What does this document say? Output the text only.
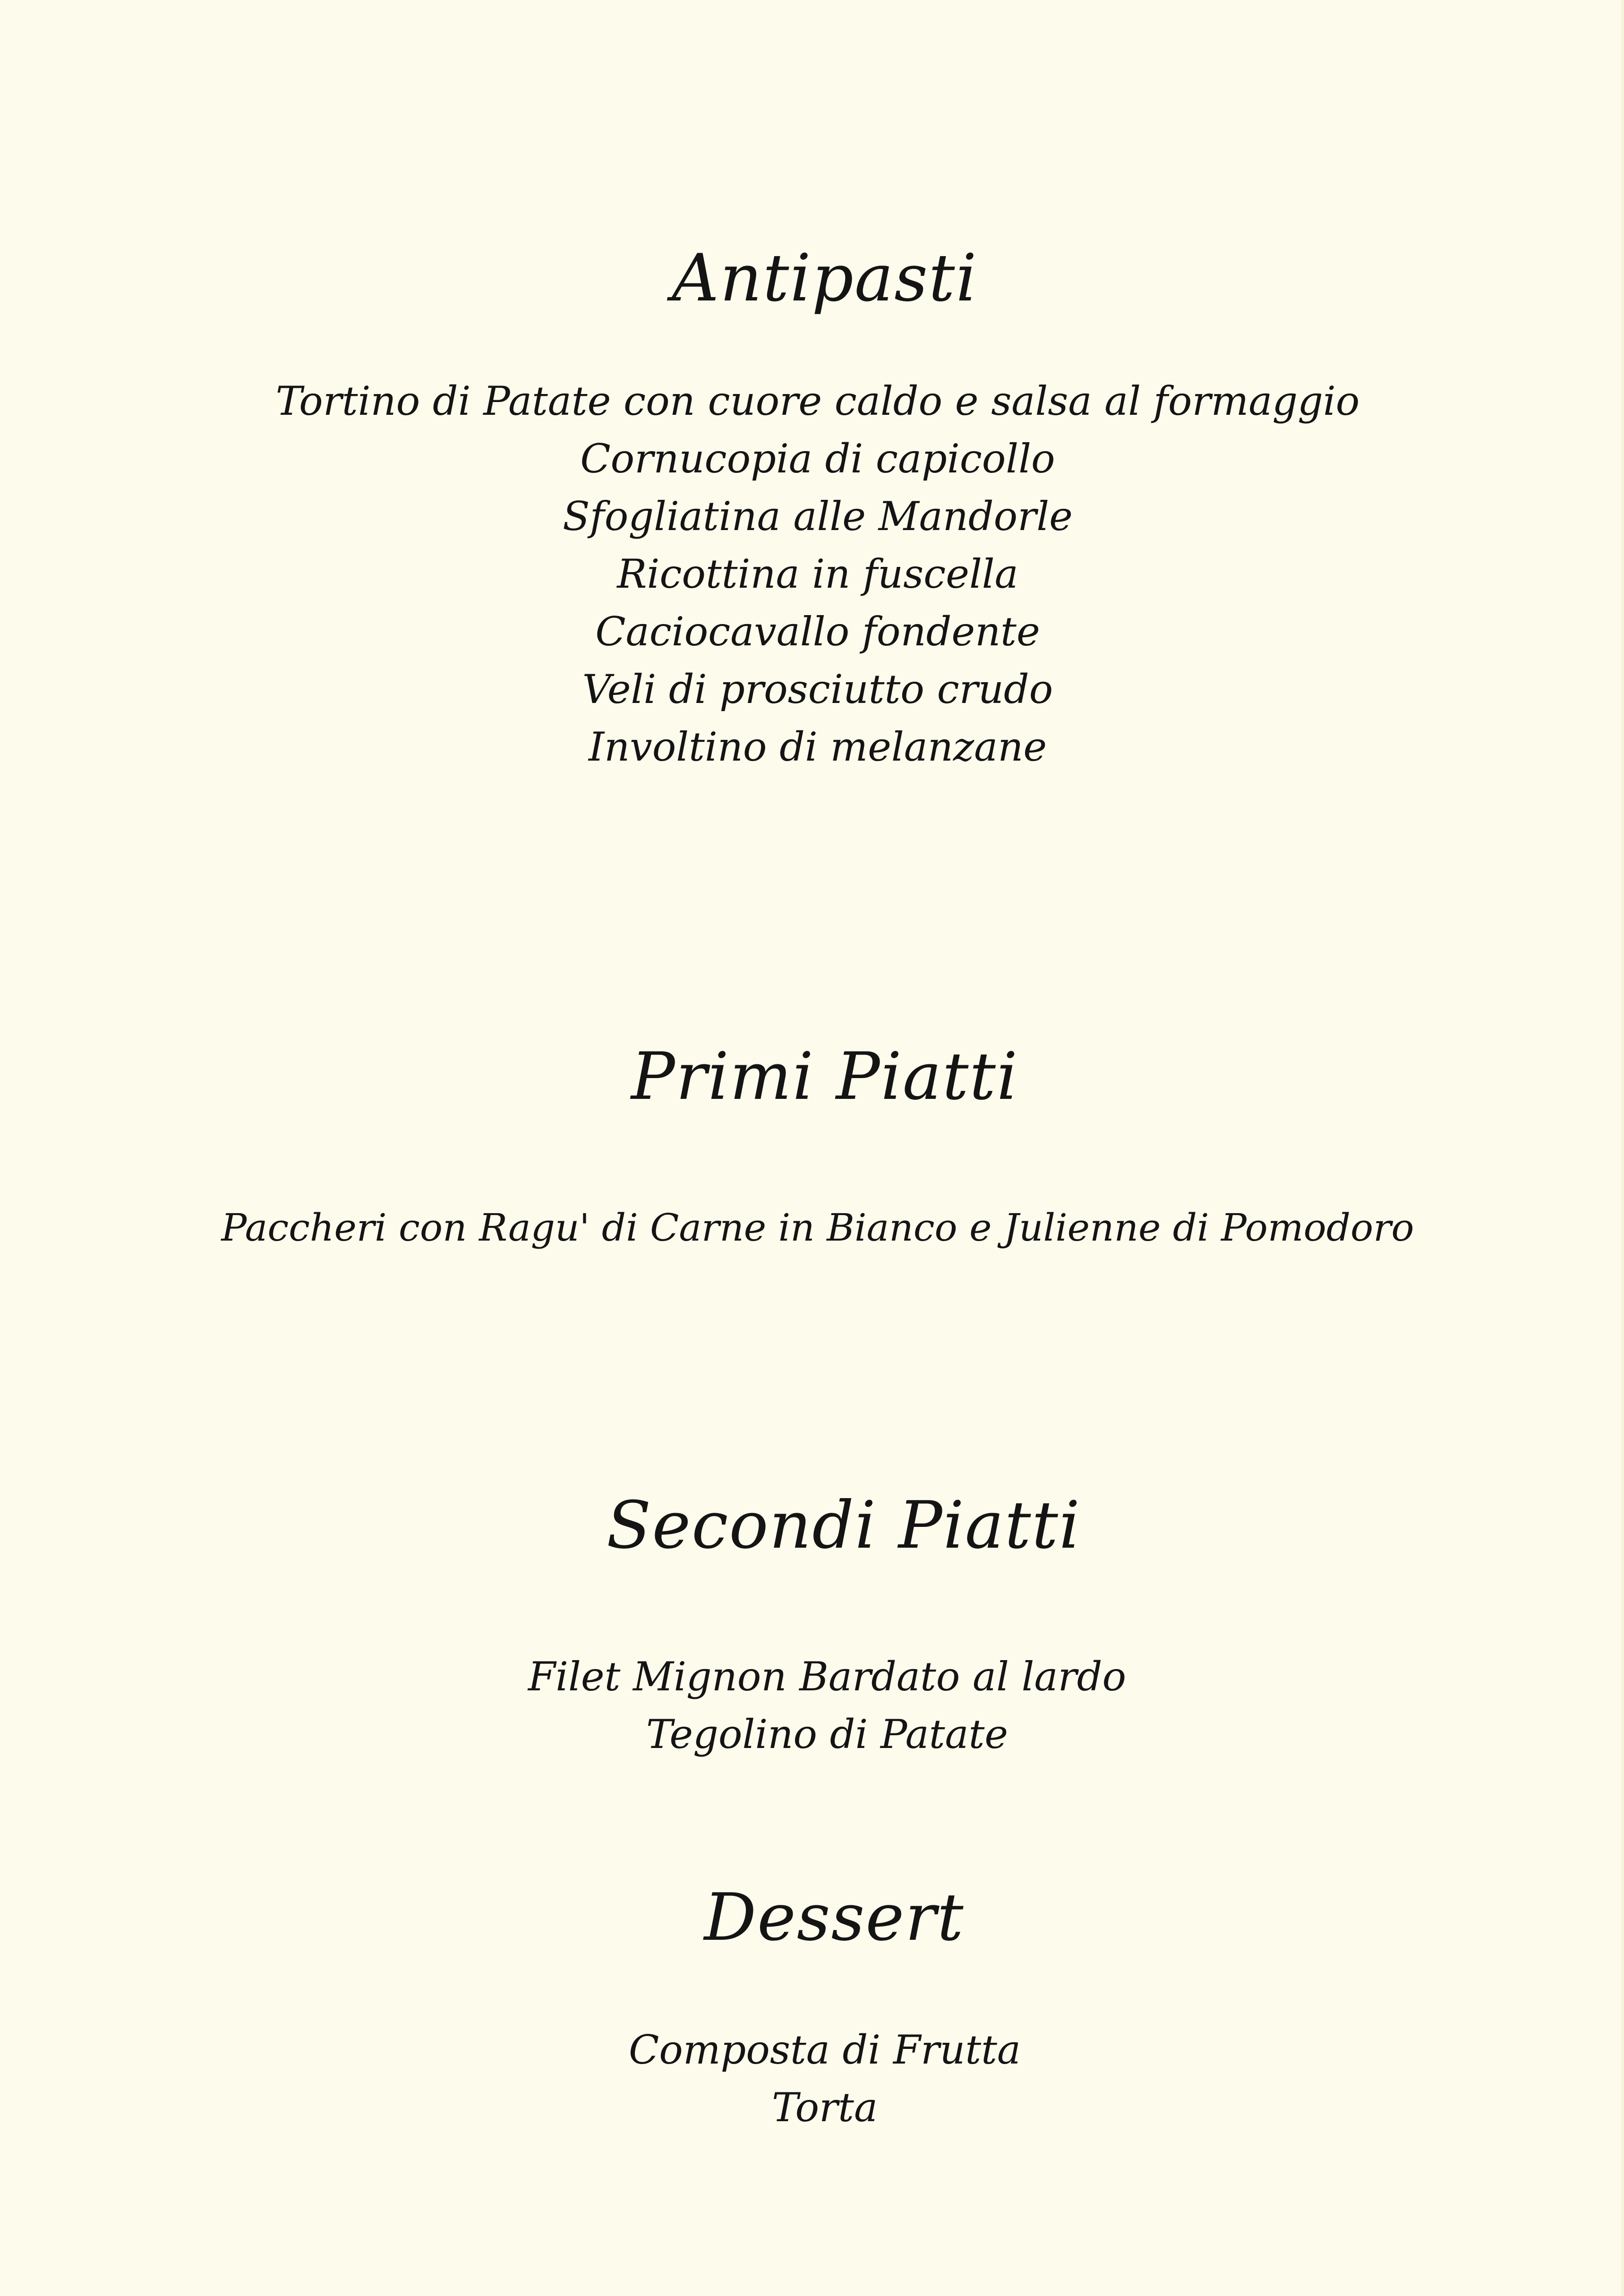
Antipasti
Tortino di Patate con cuore caldo e salsa al formaggio
Cornucopia di capicollo
Sfogliatina alle Mandorle
Ricottina in fuscella
Caciocavallo fondente
Veli di prosciutto crudo
Involtino di melanzane
Primi Piatti
Paccheri con Ragu' di Carne in Bianco e Julienne di Pomodoro
Secondi Piatti
Filet Mignon Bardato al lardo
Tegolino di Patate
Dessert
Composta di Frutta
Torta
